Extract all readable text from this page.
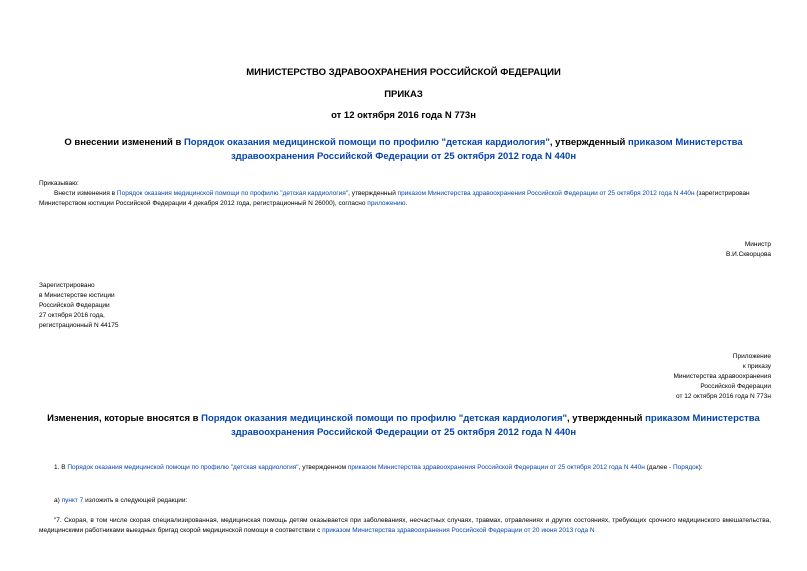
МИНИСТЕРСТВО ЗДРАВООХРАНЕНИЯ РОССИЙСКОЙ ФЕДЕРАЦИИ
ПРИКАЗ
от 12 октября 2016 года N 773н
О внесении изменений в Порядок оказания медицинской помощи по профилю "детская кардиология", утвержденный приказом Министерства здравоохранения Российской Федерации от 25 октября 2012 года N 440н
Приказываю:
Внести изменения в Порядок оказания медицинской помощи по профилю "детская кардиология", утвержденный приказом Министерства здравоохранения Российской Федерации от 25 октября 2012 года N 440н (зарегистрирован Министерством юстиции Российской Федерации 4 декабря 2012 года, регистрационный N 26000), согласно приложению.
Министр
В.И.Скворцова
Зарегистрировано
в Министерстве юстиции
Российской Федерации
27 октября 2016 года,
регистрационный N 44175
Приложение
к приказу
Министерства здравоохранения
Российской Федерации
от 12 октября 2016 года N 773н
Изменения, которые вносятся в Порядок оказания медицинской помощи по профилю "детская кардиология", утвержденный приказом Министерства здравоохранения Российской Федерации от 25 октября 2012 года N 440н
1. В Порядок оказания медицинской помощи по профилю "детская кардиология", утвержденном приказом Министерства здравоохранения Российской Федерации от 25 октября 2012 года N 440н (далее - Порядок):
а) пункт 7 изложить в следующей редакции:
"7. Скорая, в том числе скорая специализированная, медицинская помощь детям оказывается при заболеваниях, несчастных случаях, травмах, отравлениях и других состояниях, требующих срочного медицинского вмешательства, медицинскими работниками выездных бригад скорой медицинской помощи в соответствии с приказом Министерства здравоохранения Российской Федерации от 20 июня 2013 года N
